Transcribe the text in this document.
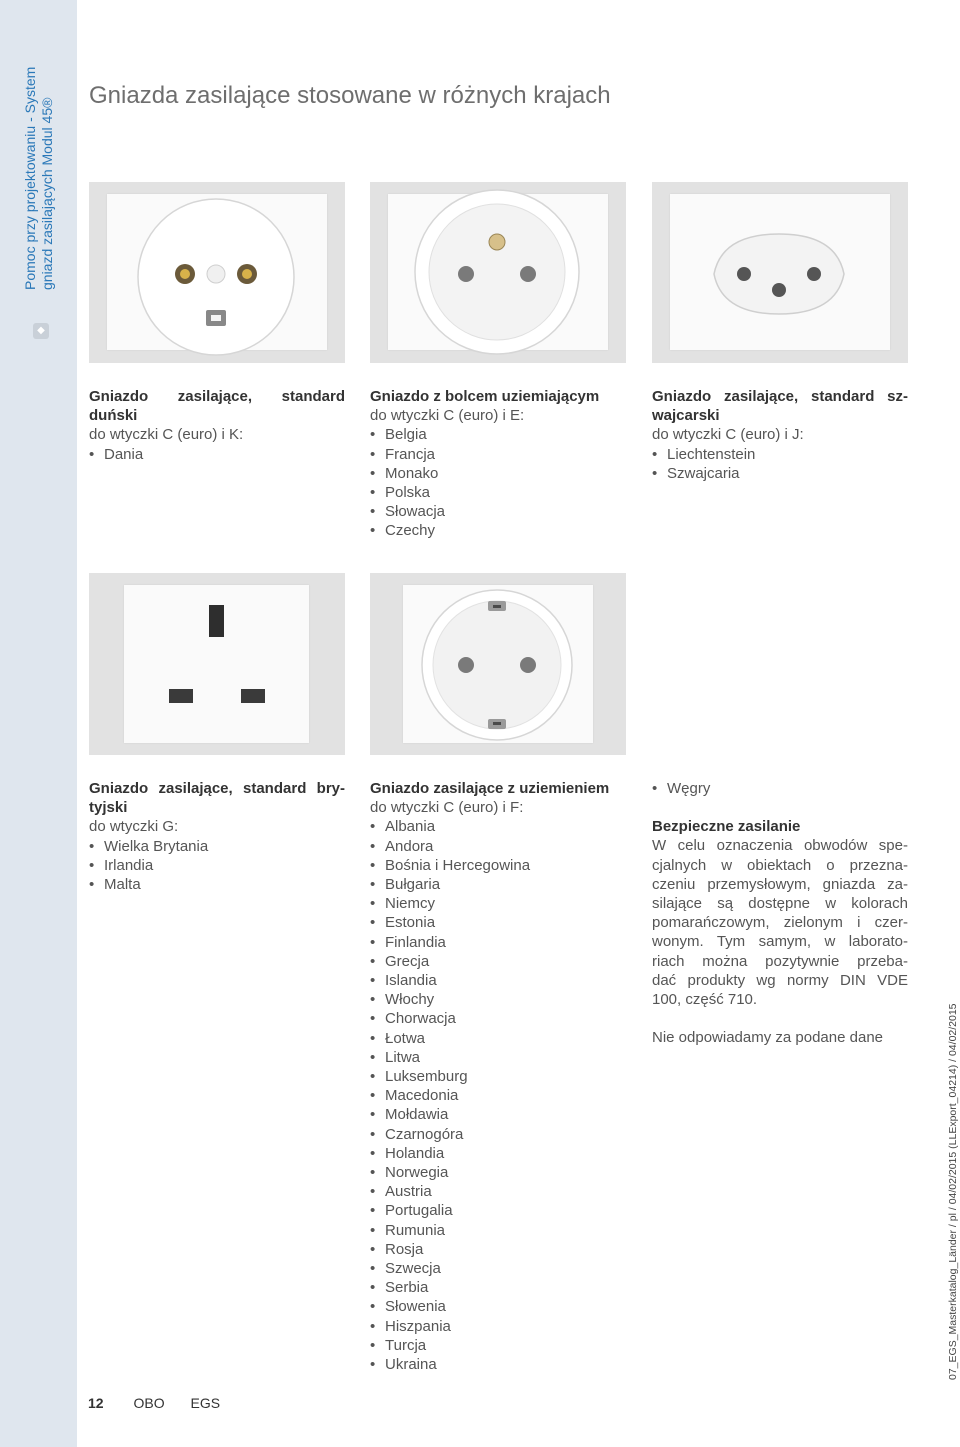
Pomoc przy projektowaniu - System gniazd zasilających Modul 45®
◆
Gniazda zasilające stosowane w różnych krajach
Gniazdo zasilające, standard
duński
do wtyczki C (euro) i K:
• Dania
Gniazdo z bolcem uziemiającym
do wtyczki C (euro) i E:
• Belgia
• Francja
• Monako
• Polska
• Słowacja
• Czechy
Gniazdo zasilające, standard sz-
wajcarski
do wtyczki C (euro) i J:
• Liechtenstein
• Szwajcaria
Gniazdo zasilające, standard bry-
tyjski
do wtyczki G:
• Wielka Brytania
• Irlandia
• Malta
Gniazdo zasilające z uziemieniem
do wtyczki C (euro) i F:
• Albania
• Andora
• Bośnia i Hercegowina
• Bułgaria
• Niemcy
• Estonia
• Finlandia
• Grecja
• Islandia
• Włochy
• Chorwacja
• Łotwa
• Litwa
• Luksemburg
• Macedonia
• Mołdawia
• Czarnogóra
• Holandia
• Norwegia
• Austria
• Portugalia
• Rumunia
• Rosja
• Szwecja
• Serbia
• Słowenia
• Hiszpania
• Turcja
• Ukraina
• Węgry
Bezpieczne zasilanie
W celu oznaczenia obwodów spe-
cjalnych w obiektach o przezna-
czeniu przemysłowym, gniazda za-
silające są dostępne w kolorach
pomarańczowym, zielonym i czer-
wonym. Tym samym, w laborato-
riach można pozytywnie przeba-
dać produkty wg normy DIN VDE
100, część 710.
Nie odpowiadamy za podane dane	07_EGS_Masterkatalog_Länder / pl / 04/02/2015 (LLExport_04214) / 04/02/2015
12 OBO EGS
